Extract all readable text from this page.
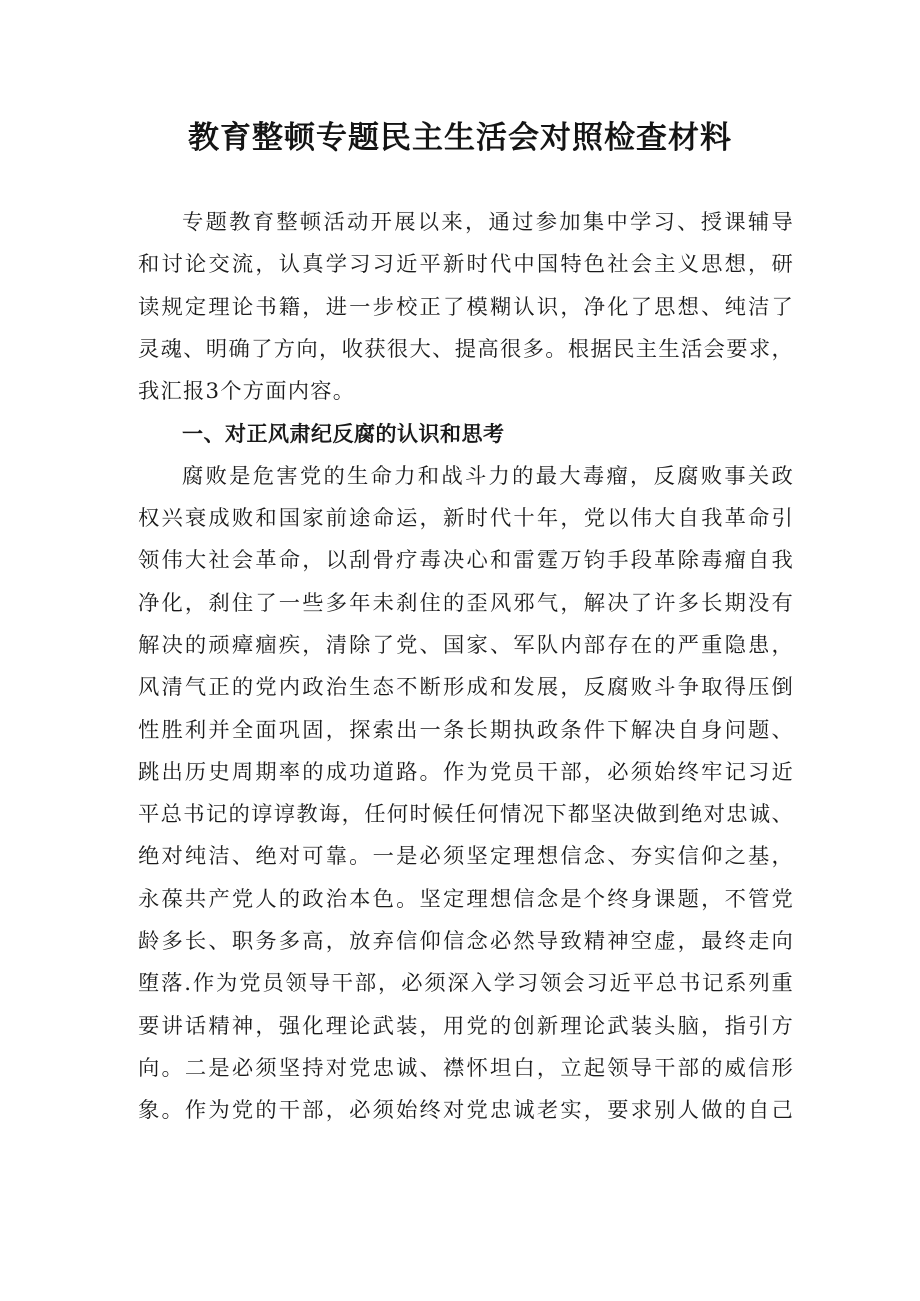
教育整顿专题民主生活会对照检查材料
专题教育整顿活动开展以来，通过参加集中学习、授课辅导
和讨论交流，认真学习习近平新时代中国特色社会主义思想，研
读规定理论书籍，进一步校正了模糊认识，净化了思想、纯洁了
灵魂、明确了方向，收获很大、提高很多。根据民主生活会要求，
我汇报3个方面内容。
一、对正风肃纪反腐的认识和思考
腐败是危害党的生命力和战斗力的最大毒瘤，反腐败事关政
权兴衰成败和国家前途命运，新时代十年，党以伟大自我革命引
领伟大社会革命，以刮骨疗毒决心和雷霆万钧手段革除毒瘤自我
净化，刹住了一些多年未刹住的歪风邪气，解决了许多长期没有
解决的顽瘴痼疾，清除了党、国家、军队内部存在的严重隐患，
风清气正的党内政治生态不断形成和发展，反腐败斗争取得压倒
性胜利并全面巩固，探索出一条长期执政条件下解决自身问题、
跳出历史周期率的成功道路。作为党员干部，必须始终牢记习近
平总书记的谆谆教诲，任何时候任何情况下都坚决做到绝对忠诚、
绝对纯洁、绝对可靠。一是必须坚定理想信念、夯实信仰之基，
永葆共产党人的政治本色。坚定理想信念是个终身课题，不管党
龄多长、职务多高，放弃信仰信念必然导致精神空虚，最终走向
堕落.作为党员领导干部，必须深入学习领会习近平总书记系列重
要讲话精神，强化理论武装，用党的创新理论武装头脑，指引方
向。二是必须坚持对党忠诚、襟怀坦白，立起领导干部的威信形
象。作为党的干部，必须始终对党忠诚老实，要求别人做的自己
